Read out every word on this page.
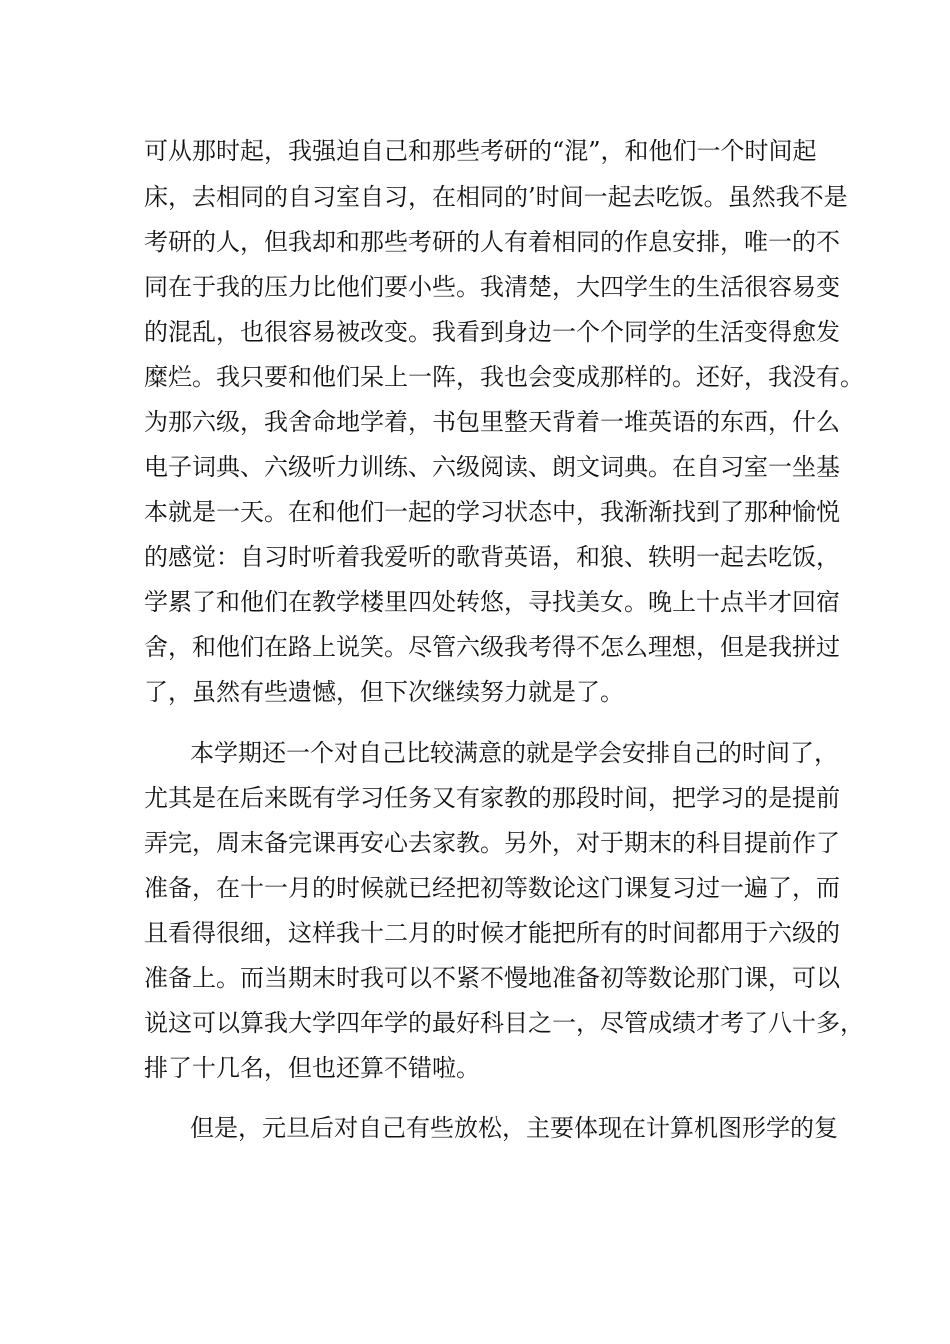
可从那时起，我强迫自己和那些考研的“混”，和他们一个时间起
床，去相同的自习室自习，在相同的’时间一起去吃饭。虽然我不是
考研的人，但我却和那些考研的人有着相同的作息安排，唯一的不
同在于我的压力比他们要小些。我清楚，大四学生的生活很容易变
的混乱，也很容易被改变。我看到身边一个个同学的生活变得愈发
糜烂。我只要和他们呆上一阵，我也会变成那样的。还好，我没有。
为那六级，我舍命地学着，书包里整天背着一堆英语的东西，什么
电子词典、六级听力训练、六级阅读、朗文词典。在自习室一坐基
本就是一天。在和他们一起的学习状态中，我渐渐找到了那种愉悦
的感觉：自习时听着我爱听的歌背英语，和狼、轶明一起去吃饭，
学累了和他们在教学楼里四处转悠，寻找美女。晚上十点半才回宿
舍，和他们在路上说笑。尽管六级我考得不怎么理想，但是我拼过
了，虽然有些遗憾，但下次继续努力就是了。
本学期还一个对自己比较满意的就是学会安排自己的时间了，
尤其是在后来既有学习任务又有家教的那段时间，把学习的是提前
弄完，周末备完课再安心去家教。另外，对于期末的科目提前作了
准备，在十一月的时候就已经把初等数论这门课复习过一遍了，而
且看得很细，这样我十二月的时候才能把所有的时间都用于六级的
准备上。而当期末时我可以不紧不慢地准备初等数论那门课，可以
说这可以算我大学四年学的最好科目之一，尽管成绩才考了八十多，
排了十几名，但也还算不错啦。
但是，元旦后对自己有些放松，主要体现在计算机图形学的复
